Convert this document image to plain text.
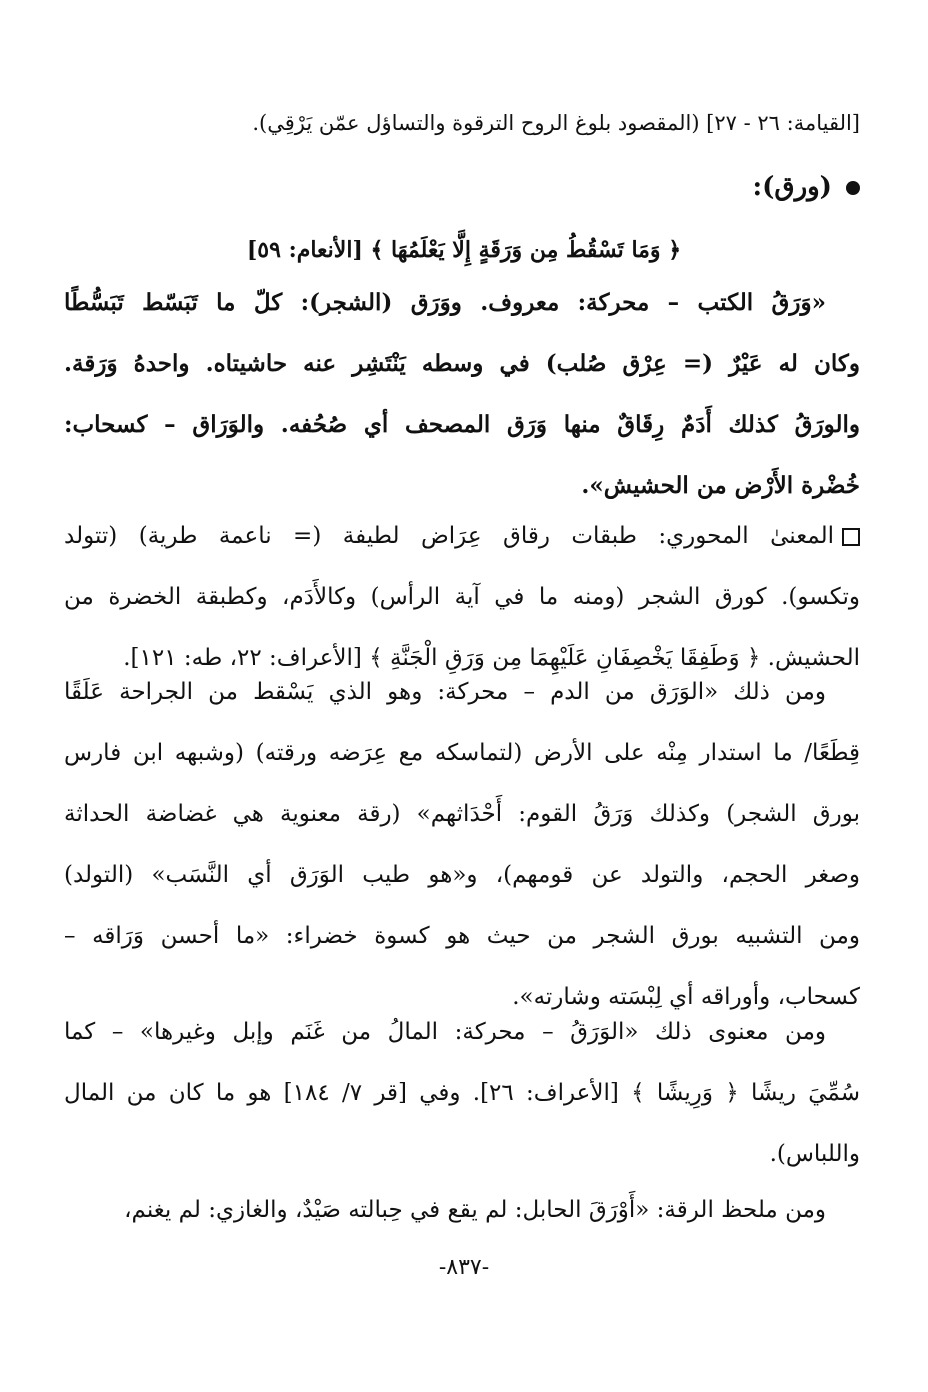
[القيامة: ٢٦ - ٢٧] (المقصود بلوغ الروح الترقوة والتساؤل عمّن يَرْقِي).
(ورق):
﴿ وَمَا تَسْقُطُ مِن وَرَقَةٍ إِلَّا يَعْلَمُهَا ﴾ [الأنعام: ٥٩]
«وَرَقُ الكتب – محركة: معروف. ووَرَق (الشجر): كلّ ما تَبَسّط تَبَسُّطًا
وكان له عَيْرٌ (= عِرْق صُلب) في وسطه يَنْتَشِر عنه حاشيتاه. واحدهُ وَرَقة.
والورَقُ كذلك أَدَمٌ رِقَاقٌ منها وَرَق المصحف أي صُحُفه. والوَرَاق – كسحاب:
خُضْرة الأَرْض من الحشيش».
المعنىٰ المحوري: طبقات رقاق عِرَاض لطيفة (= ناعمة طرية) (تتولد
وتكسو). كورق الشجر (ومنه ما في آية الرأس) وكالأَدَم، وكطبقة الخضرة من
الحشيش. ﴿ وَطَفِقَا يَخْصِفَانِ عَلَيْهِمَا مِن وَرَقِ الْجَنَّةِ ﴾ [الأعراف: ٢٢، طه: ١٢١].
ومن ذلك «الوَرَق من الدم – محركة: وهو الذي يَسْقط من الجراحة عَلَقًا
قِطَعًا/ ما استدار مِنْه على الأرض (لتماسكه مع عِرَضه ورقته) (وشبهه ابن فارس
بورق الشجر) وكذلك وَرَقُ القوم: أَحْدَاثهم» (رقة معنوية هي غضاضة الحداثة
وصغر الحجم، والتولد عن قومهم)، و«هو طيب الوَرَق أي النَّسَب» (التولد)
ومن التشبيه بورق الشجر من حيث هو كسوة خضراء: «ما أحسن وَرَاقه –
كسحاب، وأوراقه أي لِبْسَته وشارته».
ومن معنوى ذلك «الوَرَقُ – محركة: المالُ من غَنَم وإبل وغيرها» – كما
سُمِّيَ ريشًا ﴿ وَرِيشًا ﴾ [الأعراف: ٢٦]. وفي [قر ٧/ ١٨٤] هو ما كان من المال
واللباس).
ومن ملحظ الرقة: «أَوْرَقَ الحابل: لم يقع في حِبالته صَيْدٌ، والغازي: لم يغنم،
-٨٣٧-
